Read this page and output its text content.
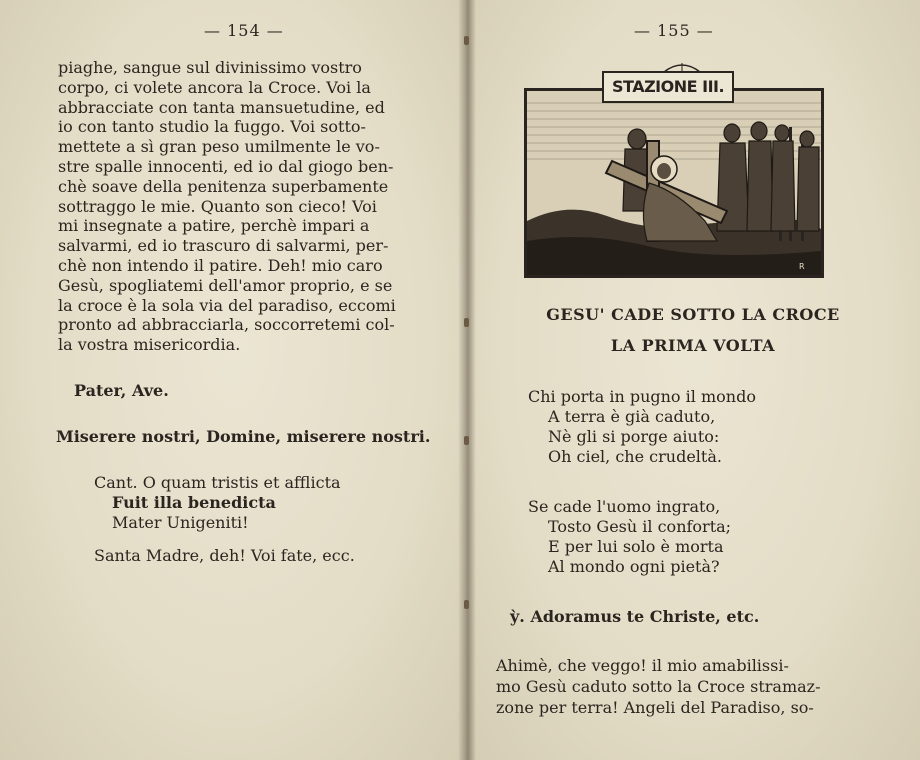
— 154 —
piaghe, sangue sul divinissimo vostro
corpo, ci volete ancora la Croce. Voi la
abbracciate con tanta mansuetudine, ed
io con tanto studio la fuggo. Voi sotto-
mettete a sì gran peso umilmente le vo-
stre spalle innocenti, ed io dal giogo ben-
chè soave della penitenza superbamente
sottraggo le mie. Quanto son cieco! Voi
mi insegnate a patire, perchè impari a
salvarmi, ed io trascuro di salvarmi, per-
chè non intendo il patire. Deh! mio caro
Gesù, spogliatemi dell'amor proprio, e se
la croce è la sola via del paradiso, eccomi
pronto ad abbracciarla, soccorretemi col-
la vostra misericordia.
Pater, Ave.
Miserere nostri, Domine, miserere nostri.
Cant. O quam tristis et afflicta
Fuit illa benedicta
Mater Unigeniti!
Santa Madre, deh! Voi fate, ecc.
— 155 —
R
STAZIONE III.
GESU' CADE SOTTO LA CROCE
LA PRIMA VOLTA
Chi porta in pugno il mondo
A terra è già caduto,
Nè gli si porge aiuto:
Oh ciel, che crudeltà.
Se cade l'uomo ingrato,
Tosto Gesù il conforta;
E per lui solo è morta
Al mondo ogni pietà?
ỳ. Adoramus te Christe, etc.
Ahimè, che veggo! il mio amabilissi-
mo Gesù caduto sotto la Croce stramaz-
zone per terra! Angeli del Paradiso, so-
